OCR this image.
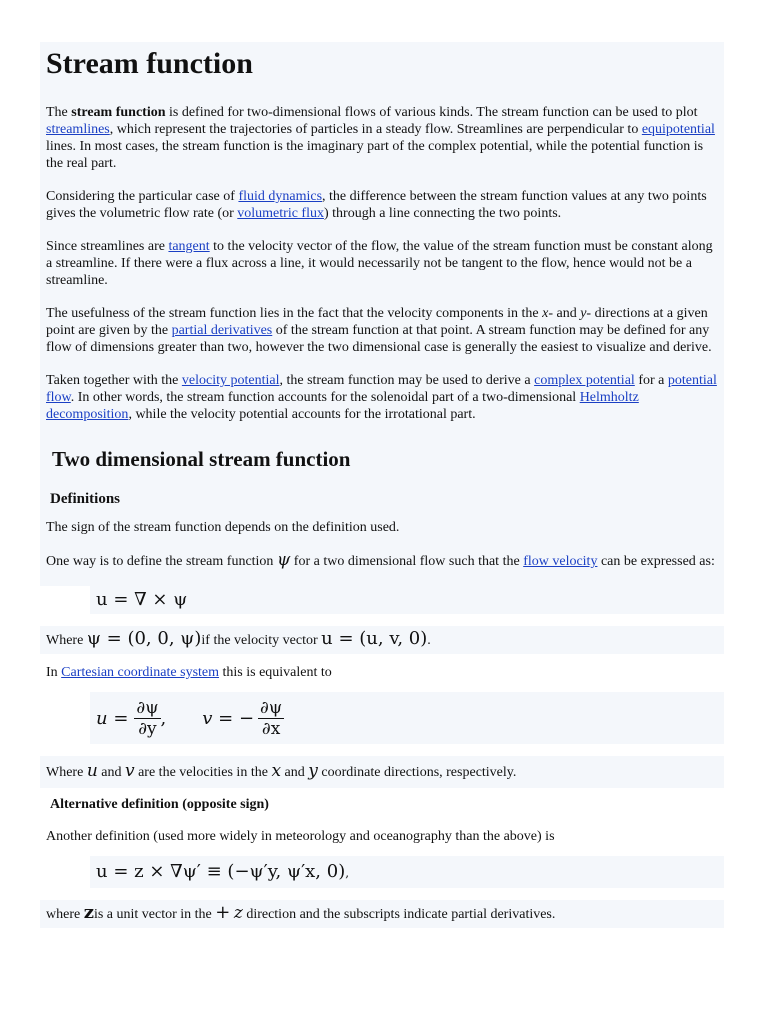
Stream function

The stream function is defined for two-dimensional flows of various kinds. The stream function can be used to plot streamlines, which represent the trajectories of particles in a steady flow. Streamlines are perpendicular to equipotential lines. In most cases, the stream function is the imaginary part of the complex potential, while the potential function is the real part.

Considering the particular case of fluid dynamics, the difference between the stream function values at any two points gives the volumetric flow rate (or volumetric flux) through a line connecting the two points.

Since streamlines are tangent to the velocity vector of the flow, the value of the stream function must be constant along a streamline. If there were a flux across a line, it would necessarily not be tangent to the flow, hence would not be a streamline.

The usefulness of the stream function lies in the fact that the velocity components in the x- and y- directions at a given point are given by the partial derivatives of the stream function at that point. A stream function may be defined for any flow of dimensions greater than two, however the two dimensional case is generally the easiest to visualize and derive.

Taken together with the velocity potential, the stream function may be used to derive a complex potential for a potential flow. In other words, the stream function accounts for the solenoidal part of a two-dimensional Helmholtz decomposition, while the velocity potential accounts for the irrotational part.

Two dimensional stream function
Definitions

The sign of the stream function depends on the definition used.

One way is to define the stream function ψ for a two dimensional flow such that the flow velocity can be expressed as:

u = ∇ × ψ

Where ψ = (0, 0, ψ)if the velocity vector u = (u, v, 0).

In Cartesian coordinate system this is equivalent to

$u = \frac{\partial\psi}{\partial y}$ , v = − $\frac{\partial\psi}{\partial x}$

Where u and v are the velocities in the x and y coordinate directions, respectively.

Alternative definition (opposite sign)

Another definition (used more widely in meteorology and oceanography than the above) is

u = z × ∇ψ′ ≡ (−ψ′y, ψ′x, 0),

where zis a unit vector in the + z direction and the subscripts indicate partial derivatives.
